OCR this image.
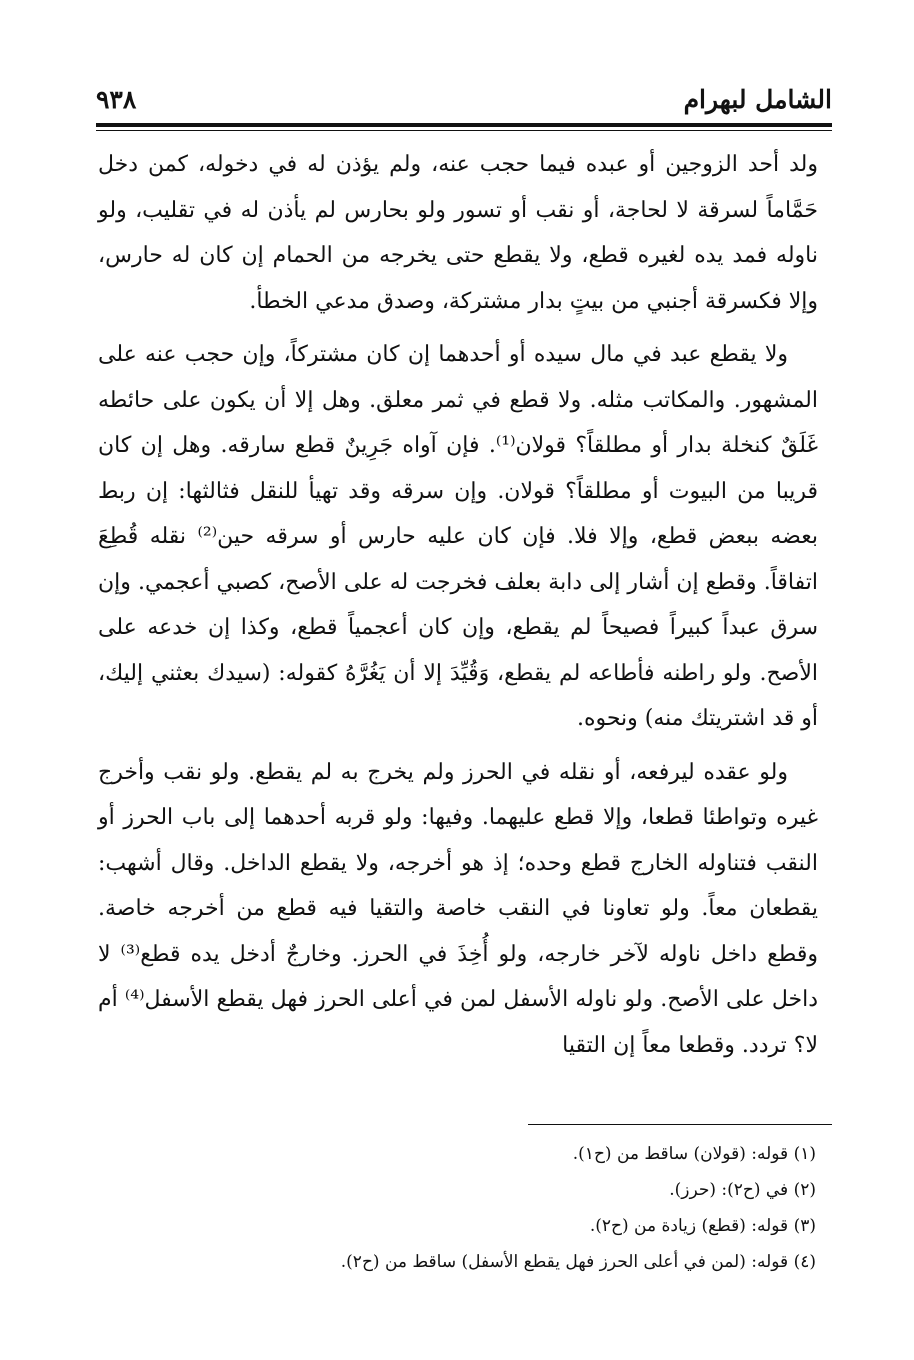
الشامل لبهرام
٩٣٨

ولد أحد الزوجين أو عبده فيما حجب عنه، ولم يؤذن له في دخوله، كمن دخل حَمَّاماً لسرقة لا لحاجة، أو نقب أو تسور ولو بحارس لم يأذن له في تقليب، ولو ناوله فمد يده لغيره قطع، ولا يقطع حتى يخرجه من الحمام إن كان له حارس، وإلا فكسرقة أجنبي من بيتٍ بدار مشتركة، وصدق مدعي الخطأ.

ولا يقطع عبد في مال سيده أو أحدهما إن كان مشتركاً، وإن حجب عنه على المشهور. والمكاتب مثله. ولا قطع في ثمر معلق. وهل إلا أن يكون على حائطه غَلَقٌ كنخلة بدار أو مطلقاً؟ قولان⁽¹⁾. فإن آواه جَرِينٌ قطع سارقه. وهل إن كان قريبا من البيوت أو مطلقاً؟ قولان. وإن سرقه وقد تهيأ للنقل فثالثها: إن ربط بعضه ببعض قطع، وإلا فلا. فإن كان عليه حارس أو سرقه حين⁽²⁾ نقله قُطِعَ اتفاقاً. وقطع إن أشار إلى دابة بعلف فخرجت له على الأصح، كصبي أعجمي. وإن سرق عبداً كبيراً فصيحاً لم يقطع، وإن كان أعجمياً قطع، وكذا إن خدعه على الأصح. ولو راطنه فأطاعه لم يقطع، وَقُيِّدَ إلا أن يَغُرَّهُ كقوله: (سيدك بعثني إليك، أو قد اشتريتك منه) ونحوه.

ولو عقده ليرفعه، أو نقله في الحرز ولم يخرج به لم يقطع. ولو نقب وأخرج غيره وتواطئا قطعا، وإلا قطع عليهما. وفيها: ولو قربه أحدهما إلى باب الحرز أو النقب فتناوله الخارج قطع وحده؛ إذ هو أخرجه، ولا يقطع الداخل. وقال أشهب: يقطعان معاً. ولو تعاونا في النقب خاصة والتقيا فيه قطع من أخرجه خاصة. وقطع داخل ناوله لآخر خارجه، ولو أُخِذَ في الحرز. وخارجٌ أدخل يده قطع⁽³⁾ لا داخل على الأصح. ولو ناوله الأسفل لمن في أعلى الحرز فهل يقطع الأسفل⁽⁴⁾ أم لا؟ تردد. وقطعا معاً إن التقيا

(١) قوله: (قولان) ساقط من (ح١).
(٢) في (ح٢): (حرز).
(٣) قوله: (قطع) زيادة من (ح٢).
(٤) قوله: (لمن في أعلى الحرز فهل يقطع الأسفل) ساقط من (ح٢).
